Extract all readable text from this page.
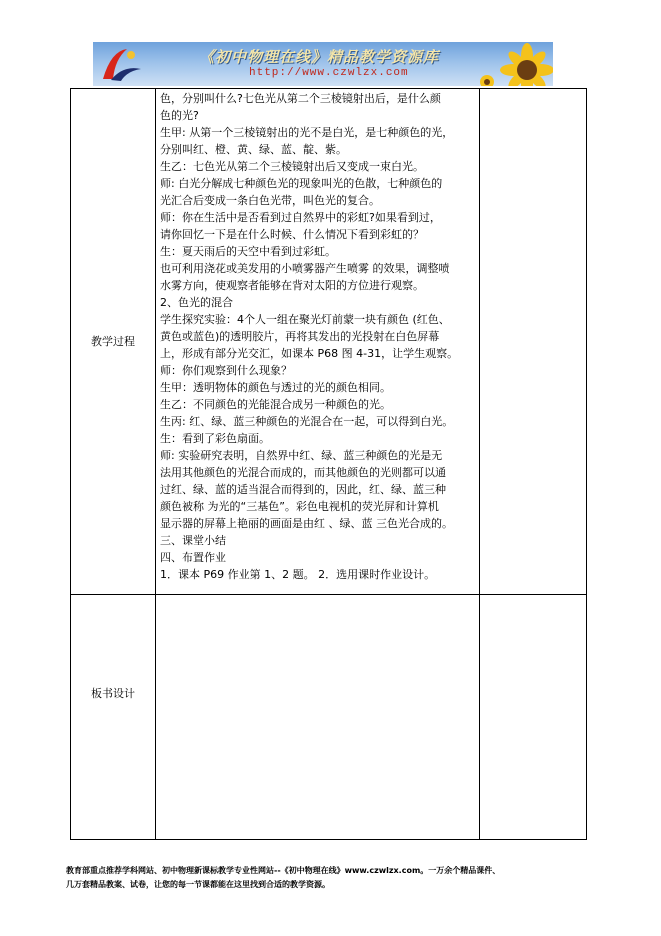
《初中物理在线》精品教学资源库
http://www.czwlzx.com
教学过程
板书设计

色，分别叫什么?七色光从第二个三棱镜射出后，是什么颜

色的光?

生甲: 从第一个三棱镜射出的光不是白光，是七种颜色的光，

分别叫红、橙、黄、绿、蓝、靛、紫。

生乙：七色光从第二个三棱镜射出后又变成一束白光。

师: 白光分解成七种颜色光的现象叫光的色散，七种颜色的

光汇合后变成一条白色光带，叫色光的复合。

师：你在生活中是否看到过自然界中的彩虹?如果看到过，

请你回忆一下是在什么时候、什么情况下看到彩虹的？

生：夏天雨后的天空中看到过彩虹。

也可利用浇花或美发用的小喷雾器产生喷雾 的效果，调整喷

水雾方向，使观察者能够在背对太阳的方位进行观察。

2、色光的混合

学生探究实验：4个人一组在聚光灯前蒙一块有颜色 (红色、

黄色或蓝色)的透明胶片，再将其发出的光投射在白色屏幕

上，形成有部分光交汇，如课本 P68 图 4-31，让学生观察。

师：你们观察到什么现象？

生甲：透明物体的颜色与透过的光的颜色相同。

生乙：不同颜色的光能混合成另一种颜色的光。

生丙: 红、绿、蓝三种颜色的光混合在一起，可以得到白光。

生：看到了彩色扇面。

师: 实验研究表明，自然界中红、绿、蓝三种颜色的光是无

法用其他颜色的光混合而成的，而其他颜色的光则都可以通

过红、绿、蓝的适当混合而得到的，因此，红、绿、蓝三种

颜色被称 为光的“三基色”。彩色电视机的荧光屏和计算机

显示器的屏幕上艳丽的画面是由红 、绿、蓝 三色光合成的。

三、课堂小结

四、布置作业

1．课本 P69 作业第 1、2 题。 2．选用课时作业设计。

教育部重点推荐学科网站、初中物理新课标教学专业性网站--《初中物理在线》www.czwlzx.com。一万余个精品课件、

几万套精品教案、试卷，让您的每一节课都能在这里找到合适的教学资源。
